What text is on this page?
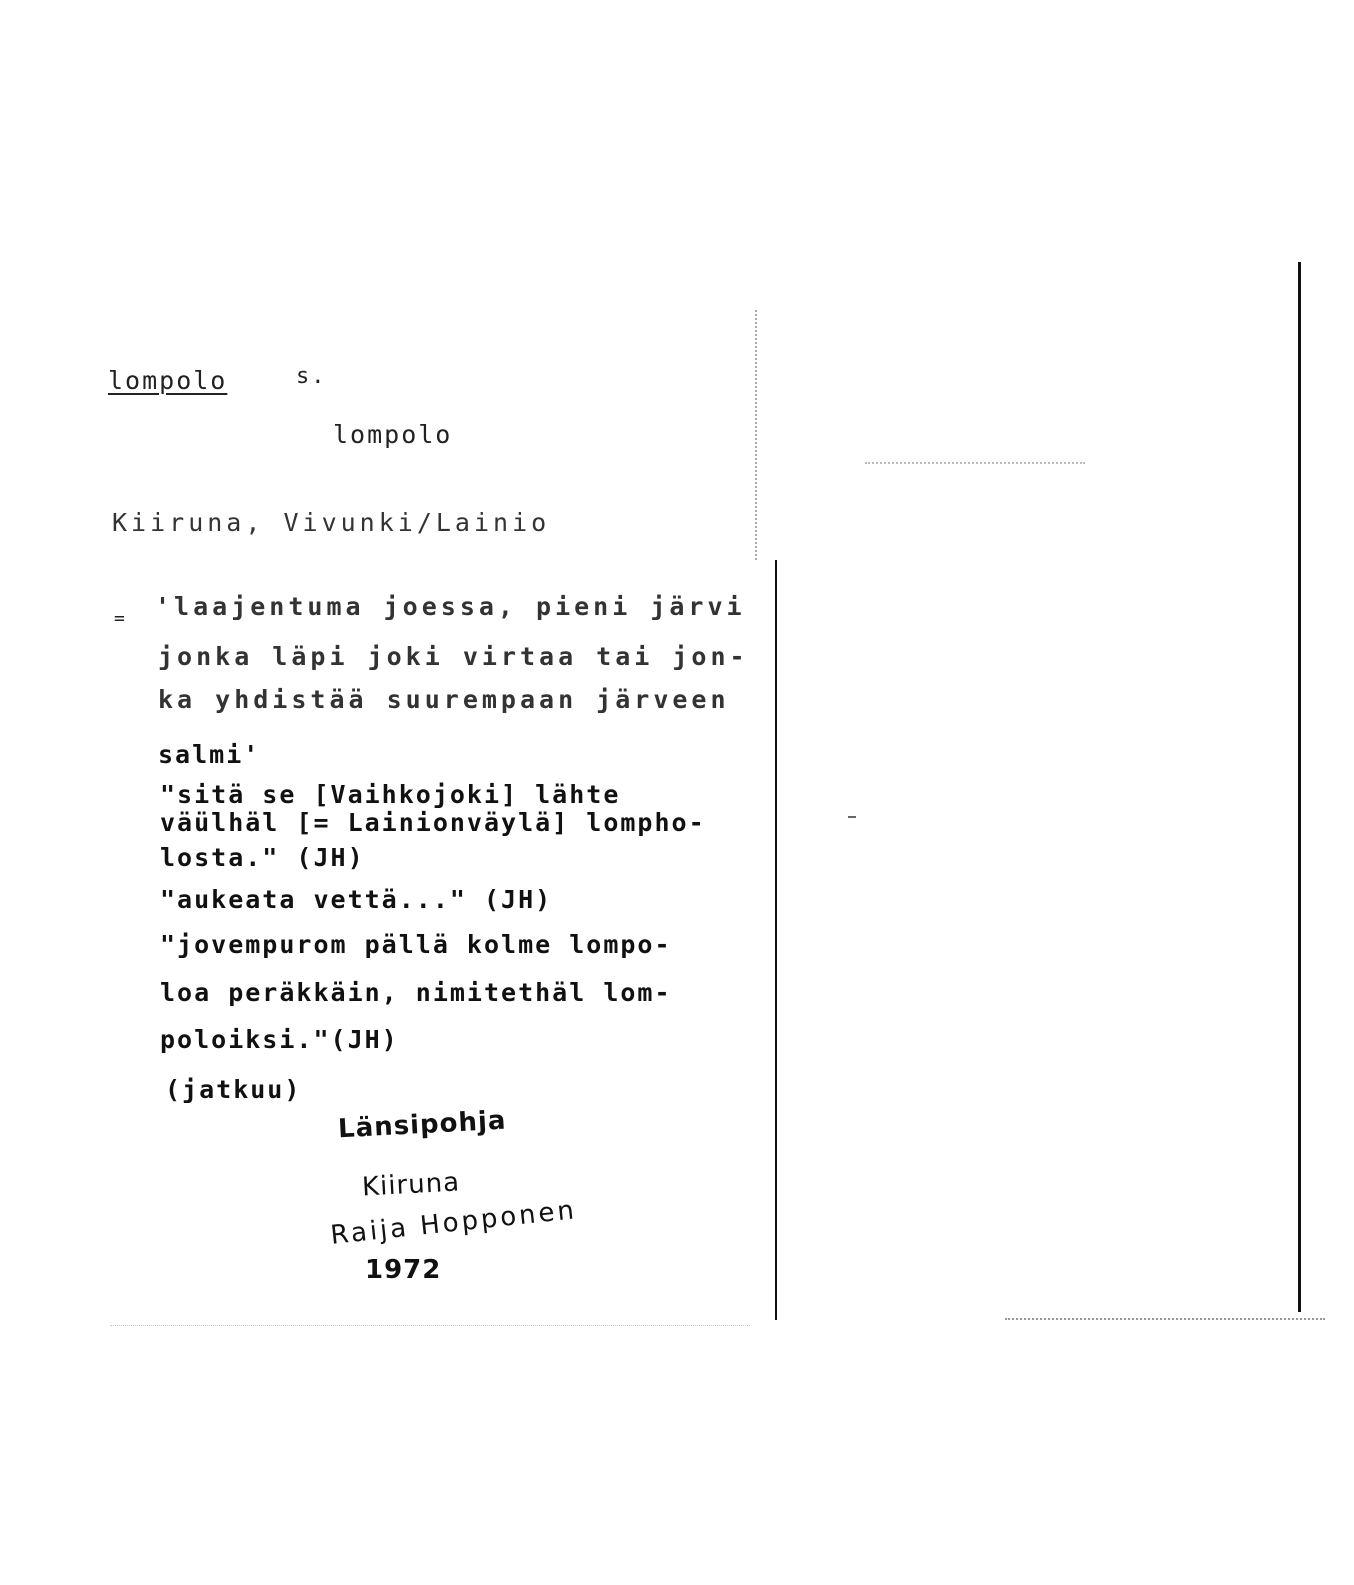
lompolo	s.
lompolo
Kiiruna, Vivunki/Lainio
= 'laajentuma joessa, pieni järvi
jonka läpi joki virtaa tai jon-
ka yhdistää suurempaan järveen
salmi'
"sitä se [Vaihkojoki] lähte
väülhäl [= Lainionväylä] lompho-
losta." (JH)
"aukeata vettä..." (JH)
"jovempurom pällä kolme lompo-
loa peräkkäin, nimitethäl lom-
poloiksi."(JH)
(jatkuu)
Länsipohja
Kiiruna
Raija Hopponen
1972
